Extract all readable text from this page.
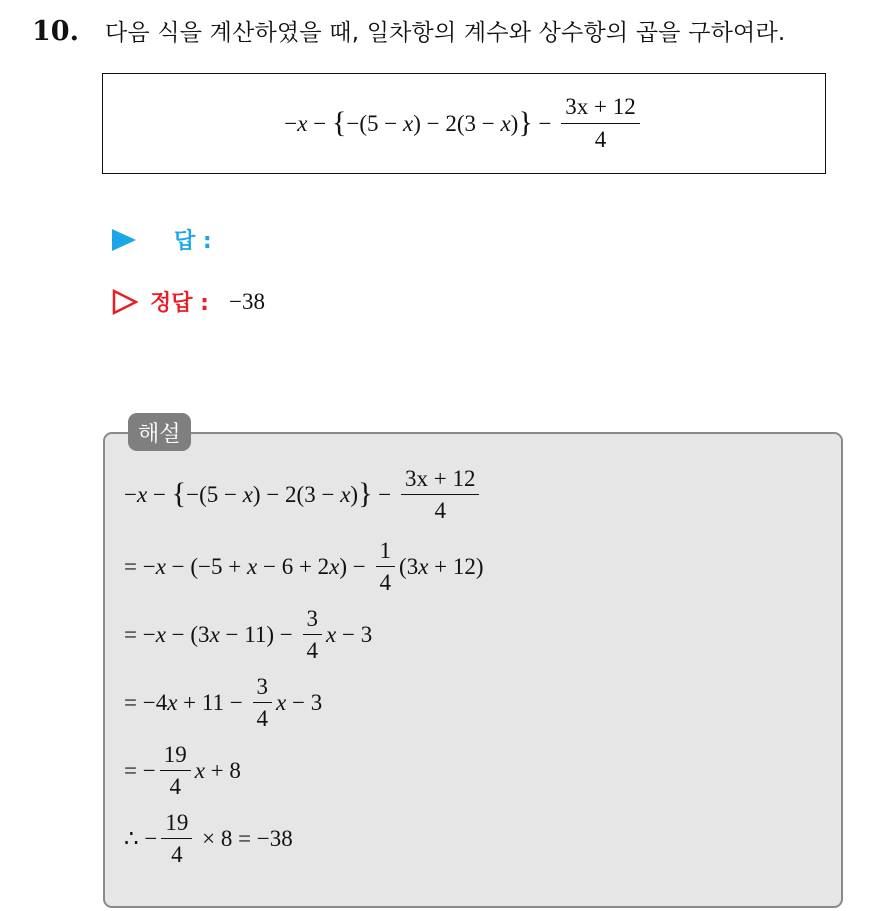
10. 다음 식을 계산하였을 때, 일차항의 계수와 상수항의 곱을 구하여라.
− x − { −(5 − x ) − 2(3 − x ) } − $\frac{3x + 12}{4}$
답 :
정답 : −38
해설
− x − { −(5 − x ) − 2(3 − x ) } − $\frac{3x + 12}{4}$
= − x − (−5 + x − 6 + 2 x ) − $\frac{1}{4} (3$ x + 12)
= − x − (3 $x - 11) - \frac{3}{4}$ x − 3
= −4 $x + 11 - \frac{3}{4}$ x − 3
= − $\frac{19}{4}$ x + 8
∴ − $\frac{19}{4} \times 8 = -38$
